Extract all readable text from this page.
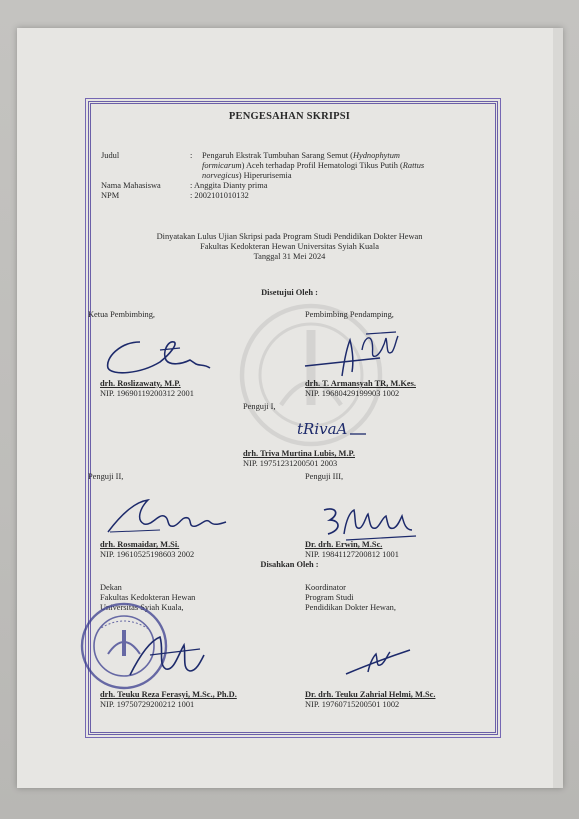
PENGESAHAN SKRIPSI
Judul	: Pengaruh Ekstrak Tumbuhan Sarang Semut (Hydnophytum
formicarum) Aceh terhadap Profil Hematologi Tikus Putih (Rattus
norvegicus) Hiperurisemia
Nama Mahasiswa	: Anggita Dianty prima
NPM	: 2002101010132
Dinyatakan Lulus Ujian Skripsi pada Program Studi Pendidikan Dokter Hewan
Fakultas Kedokteran Hewan Universitas Syiah Kuala
Tanggal 31 Mei 2024
Disetujui Oleh :
Ketua Pembimbing,	Pembimbing Pendamping,
drh. Roslizawaty, M.P.
NIP. 19690119200312 2001
drh. T. Armansyah TR, M.Kes.
NIP. 19680429199903 1002
Penguji I,
tRivaA
drh. Triva Murtina Lubis, M.P.
NIP. 19751231200501 2003
Penguji II,	Penguji III,
drh. Rosmaidar, M.Si.
NIP. 19610525198603 2002
Dr. drh. Erwin, M.Sc.
NIP. 19841127200812 1001
Disahkan Oleh :
Dekan
Fakultas Kedokteran Hewan
Universitas Syiah Kuala,
Koordinator
Program Studi
Pendidikan Dokter Hewan,
drh. Teuku Reza Ferasyi, M.Sc., Ph.D.
NIP. 19750729200212 1001
Dr. drh. Teuku Zahrial Helmi, M.Sc.
NIP. 19760715200501 1002
